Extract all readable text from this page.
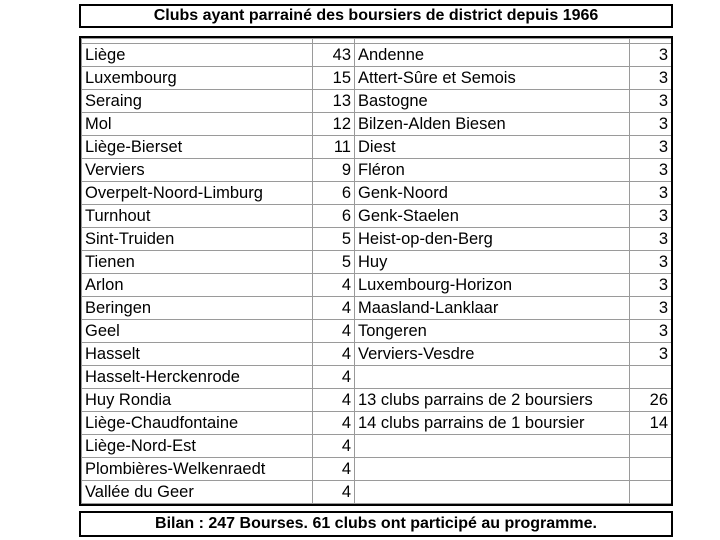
Clubs ayant parrainé des boursiers de district depuis 1966

Liège	43	Andenne	3
Luxembourg	15	Attert-Sûre et Semois	3
Seraing	13	Bastogne	3
Mol	12	Bilzen-Alden Biesen	3
Liège-Bierset	11	Diest	3
Verviers	9	Fléron	3
Overpelt-Noord-Limburg	6	Genk-Noord	3
Turnhout	6	Genk-Staelen	3
Sint-Truiden	5	Heist-op-den-Berg	3
Tienen	5	Huy	3
Arlon	4	Luxembourg-Horizon	3
Beringen	4	Maasland-Lanklaar	3
Geel	4	Tongeren	3
Hasselt	4	Verviers-Vesdre	3
Hasselt-Herckenrode	4		
Huy Rondia	4	13 clubs parrains de 2 boursiers	26
Liège-Chaudfontaine	4	14 clubs parrains de 1 boursier	14
Liège-Nord-Est	4		
Plombières-Welkenraedt	4		
Vallée du Geer	4		
Bilan : 247 Bourses. 61 clubs ont participé au programme.
